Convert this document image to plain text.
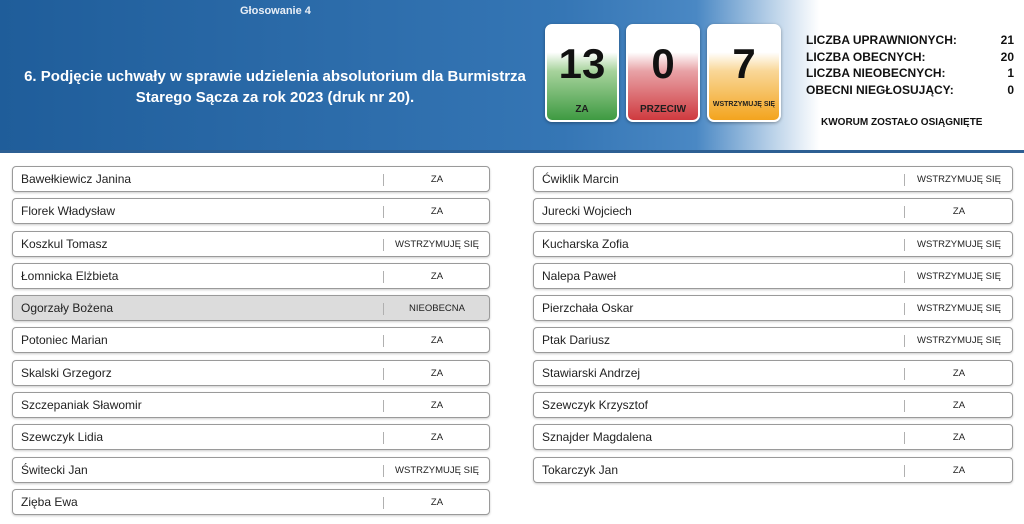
Głosowanie 4
6. Podjęcie uchwały w sprawie udzielenia absolutorium dla Burmistrza Starego Sącza za rok 2023 (druk nr 20).
13
ZA
0
PRZECIW
7
WSTRZYMUJĘ SIĘ
LICZBA UPRAWNIONYCH:	21
LICZBA OBECNYCH:	20
LICZBA NIEOBECNYCH:	1
OBECNI NIEGŁOSUJĄCY:	0
KWORUM ZOSTAŁO OSIĄGNIĘTE
Bawełkiewicz Janina	ZA
Florek Władysław	ZA
Koszkul Tomasz	WSTRZYMUJĘ SIĘ
Łomnicka Elżbieta	ZA
Ogorzały Bożena	NIEOBECNA
Potoniec Marian	ZA
Skalski Grzegorz	ZA
Szczepaniak Sławomir	ZA
Szewczyk Lidia	ZA
Świtecki Jan	WSTRZYMUJĘ SIĘ
Zięba Ewa	ZA
Ćwiklik Marcin	WSTRZYMUJĘ SIĘ
Jurecki Wojciech	ZA
Kucharska Zofia	WSTRZYMUJĘ SIĘ
Nalepa Paweł	WSTRZYMUJĘ SIĘ
Pierzchała Oskar	WSTRZYMUJĘ SIĘ
Ptak Dariusz	WSTRZYMUJĘ SIĘ
Stawiarski Andrzej	ZA
Szewczyk Krzysztof	ZA
Sznajder Magdalena	ZA
Tokarczyk Jan	ZA
